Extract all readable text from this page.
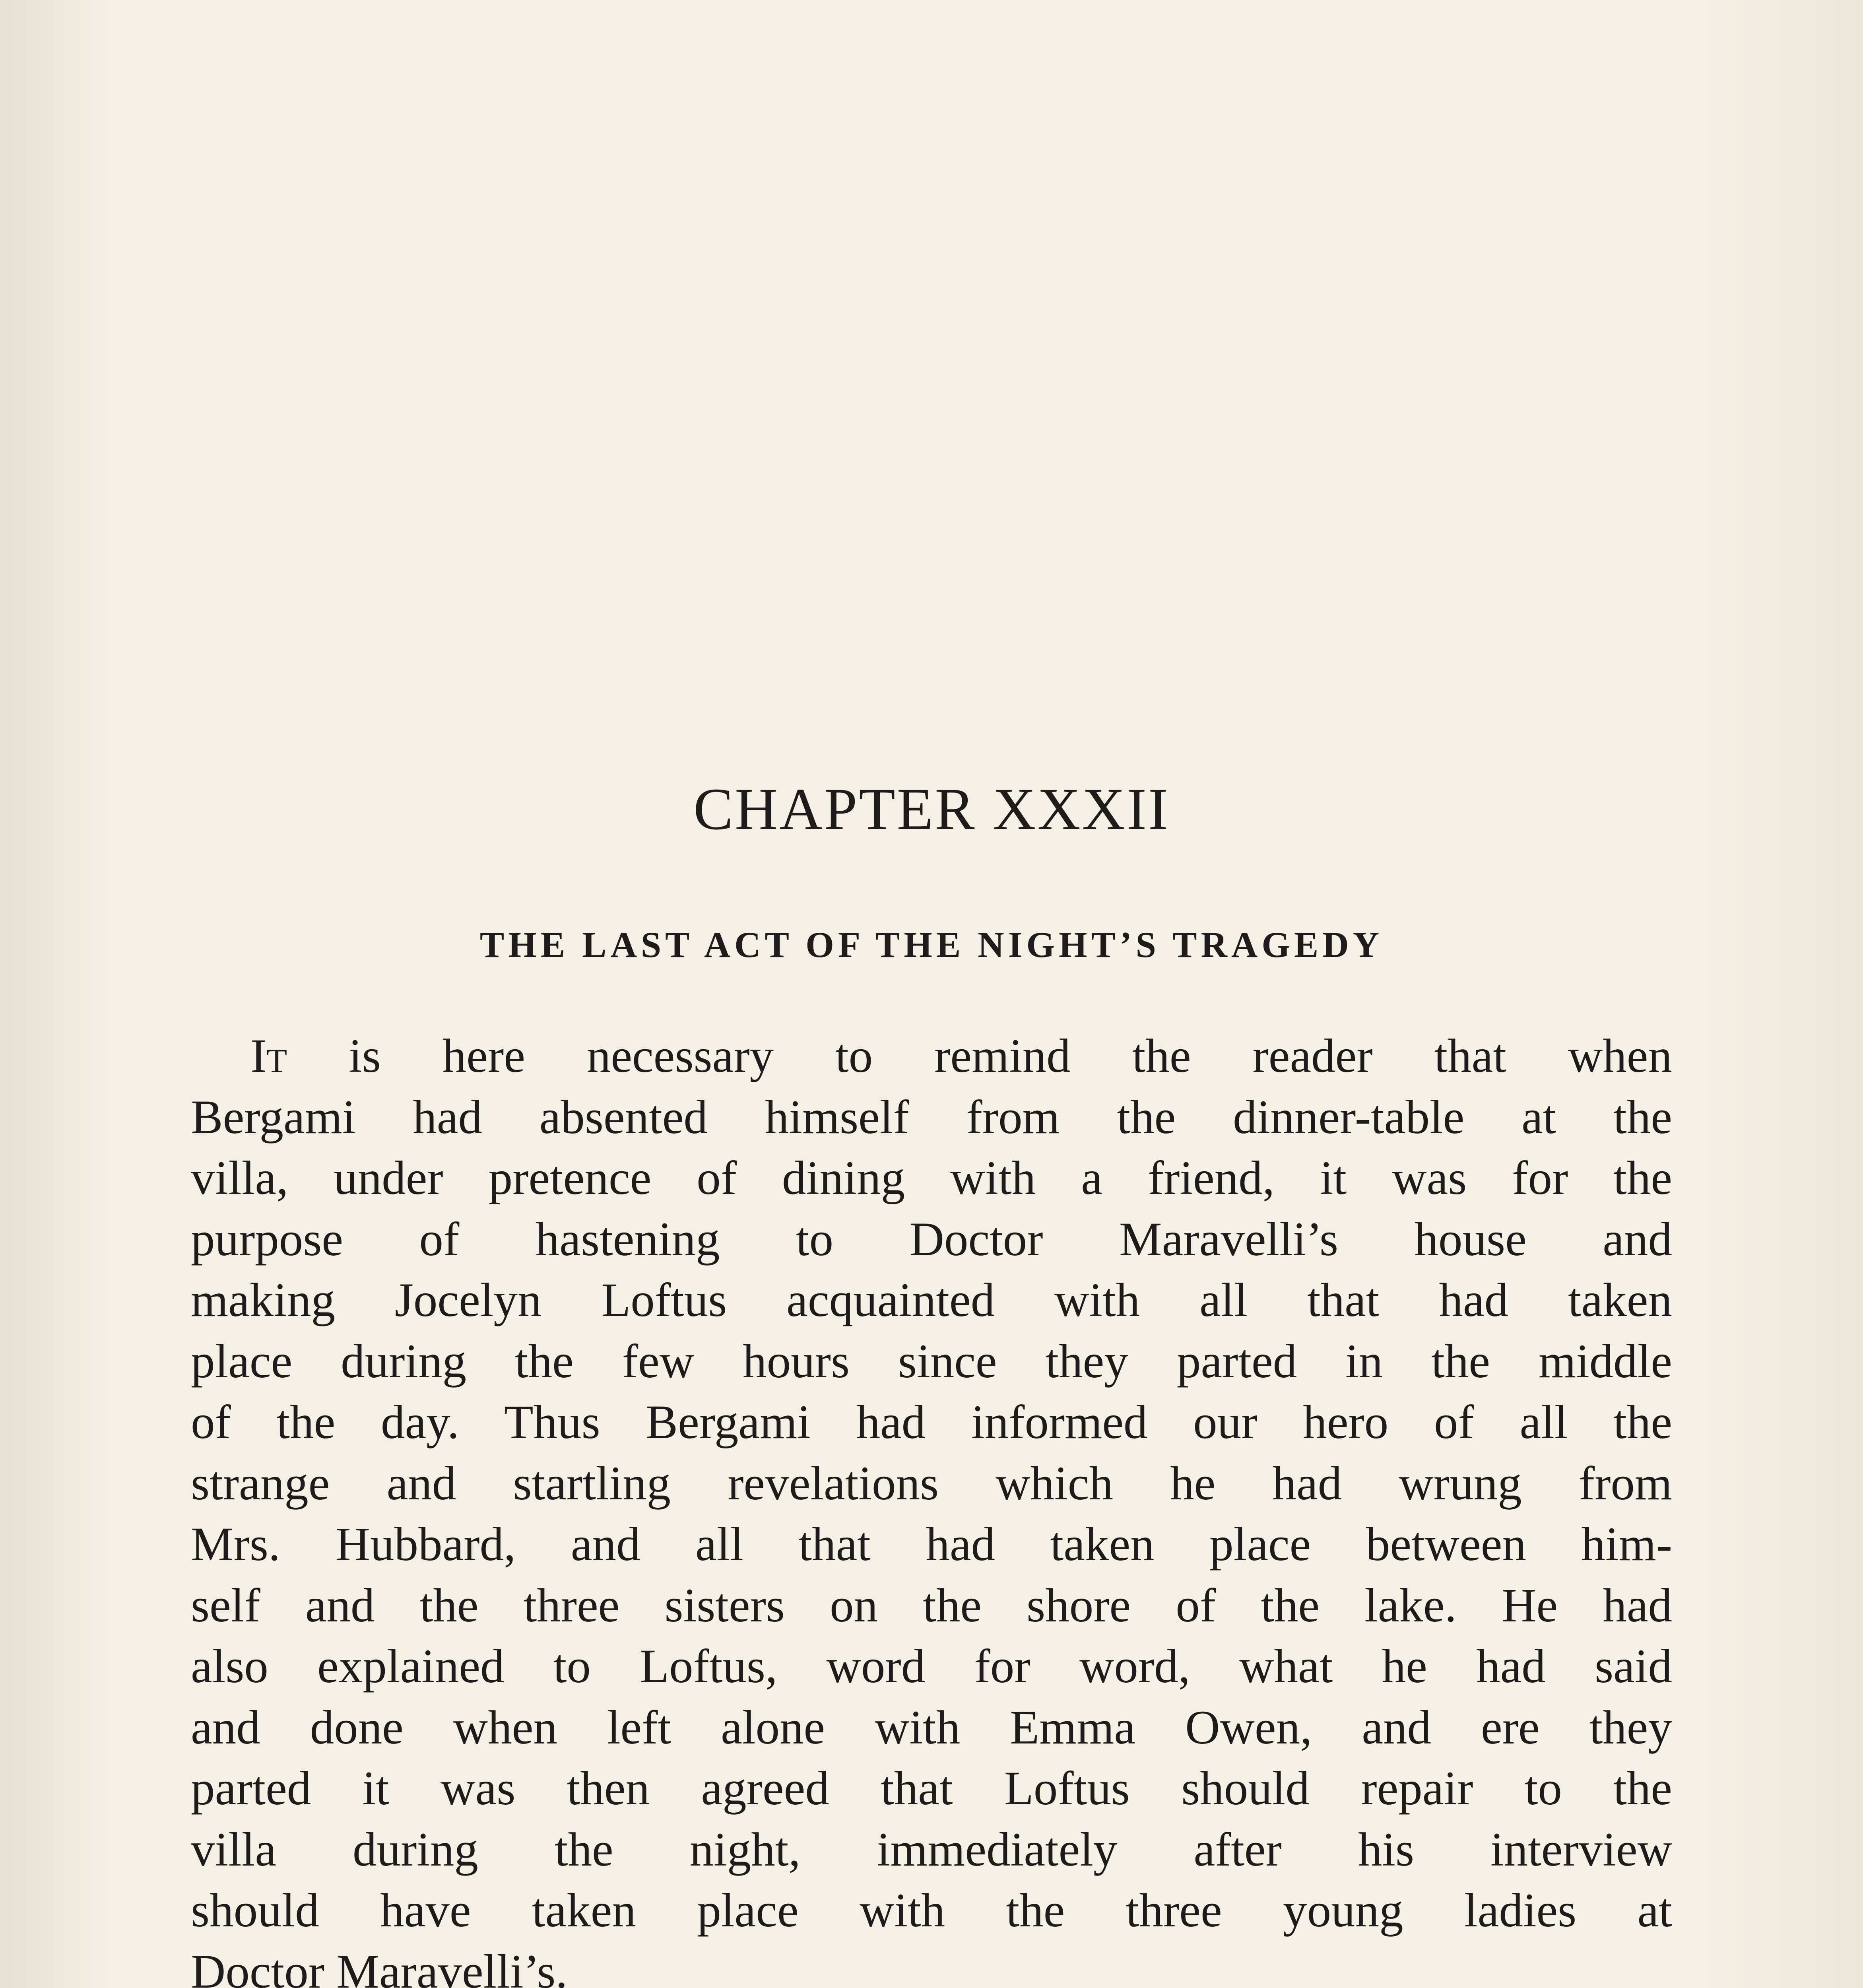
CHAPTER XXXII
THE LAST ACT OF THE NIGHT’S TRAGEDY
It is here necessary to remind the reader that when
Bergami had absented himself from the dinner-table at the
villa, under pretence of dining with a friend, it was for the
purpose of hastening to Doctor Maravelli’s house and
making Jocelyn Loftus acquainted with all that had taken
place during the few hours since they parted in the middle
of the day. Thus Bergami had informed our hero of all the
strange and startling revelations which he had wrung from
Mrs. Hubbard, and all that had taken place between him-
self and the three sisters on the shore of the lake. He had
also explained to Loftus, word for word, what he had said
and done when left alone with Emma Owen, and ere they
parted it was then agreed that Loftus should repair to the
villa during the night, immediately after his interview
should have taken place with the three young ladies at
Doctor Maravelli’s.
